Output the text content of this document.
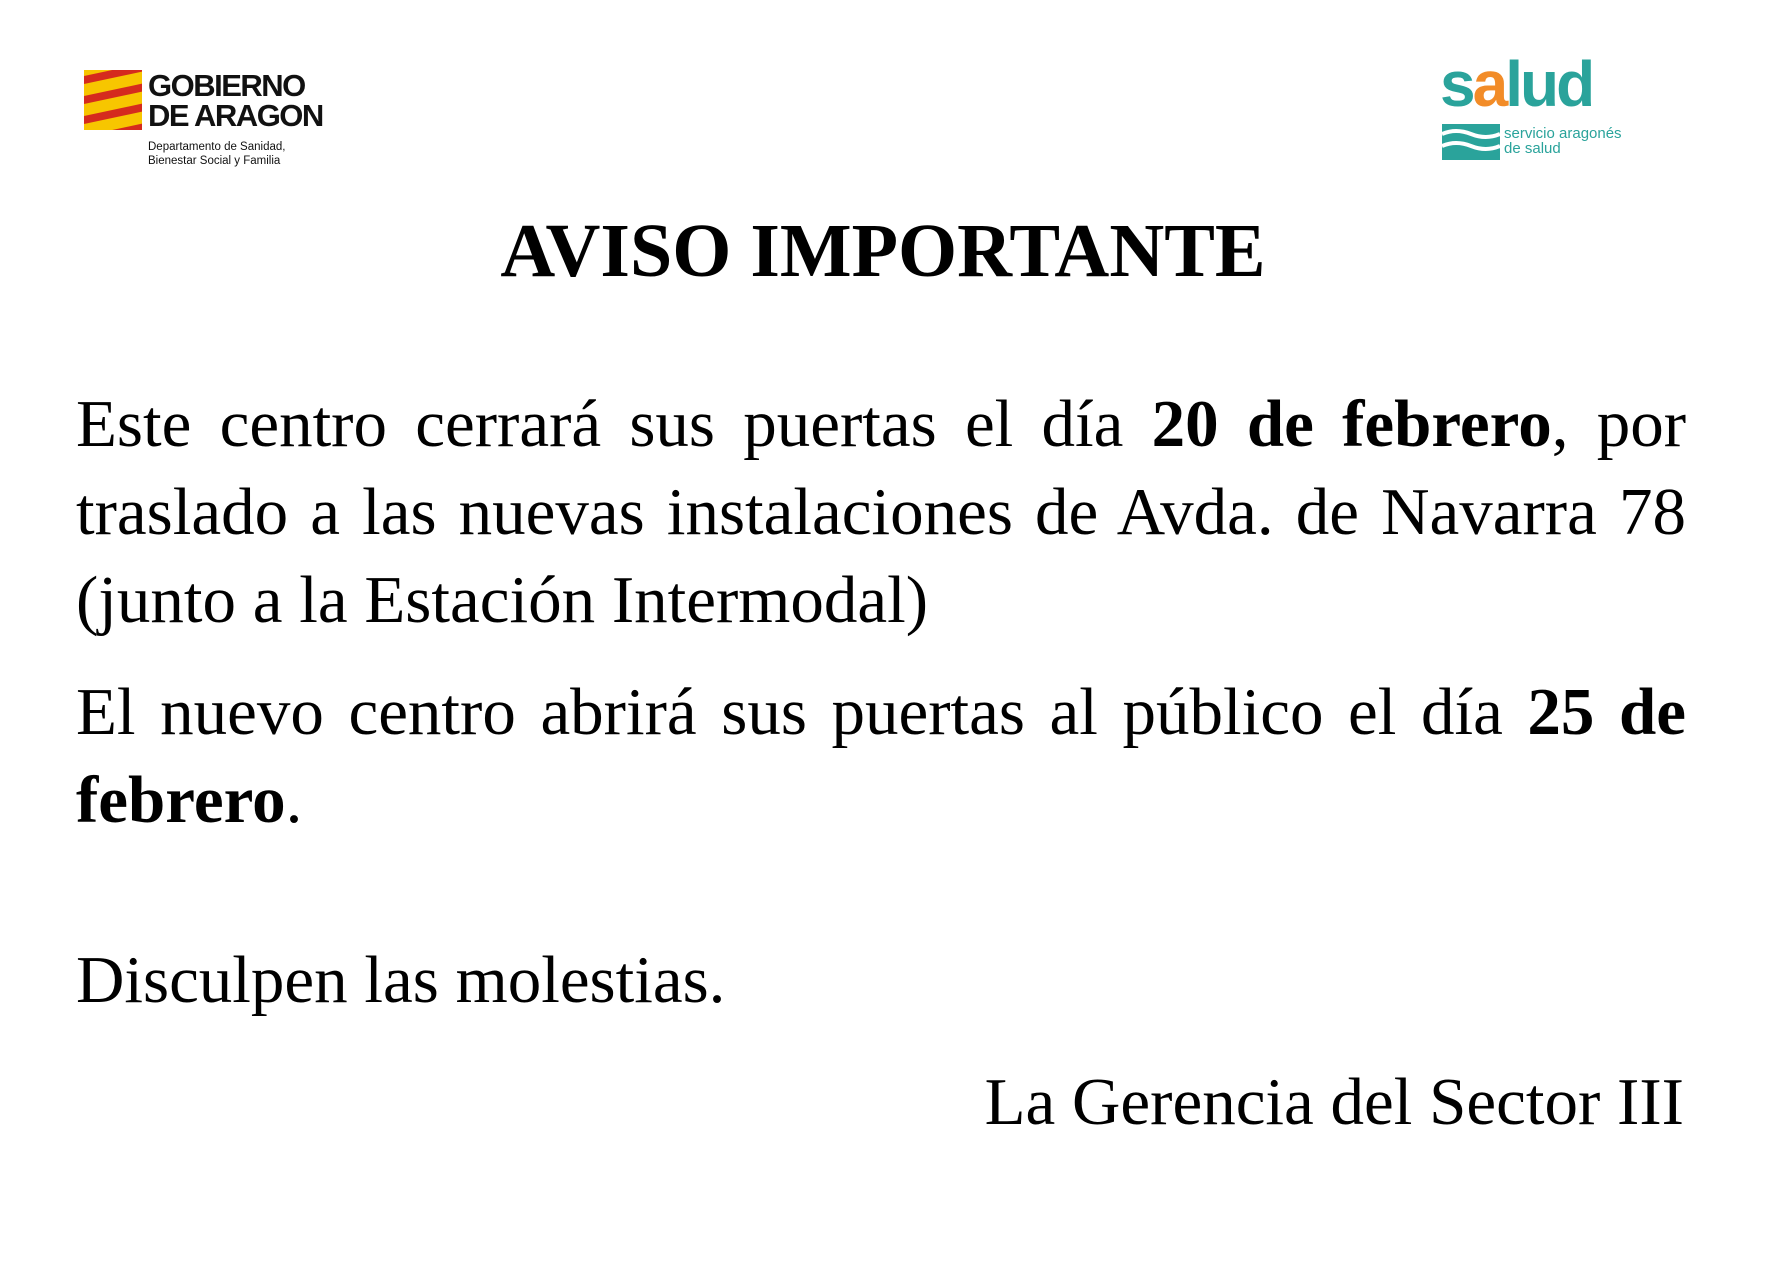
GOBIERNO
DE ARAGON
Departamento de Sanidad,
Bienestar Social y Familia
salud
servicio aragonés
de salud
AVISO IMPORTANTE

Este centro cerrará sus puertas el día 20 de febrero, por traslado a las nuevas instalaciones de Avda. de Navarra 78 (junto a la Estación Intermodal)

El nuevo centro abrirá sus puertas al público el día 25 de febrero.

Disculpen las molestias.

La Gerencia del Sector III
